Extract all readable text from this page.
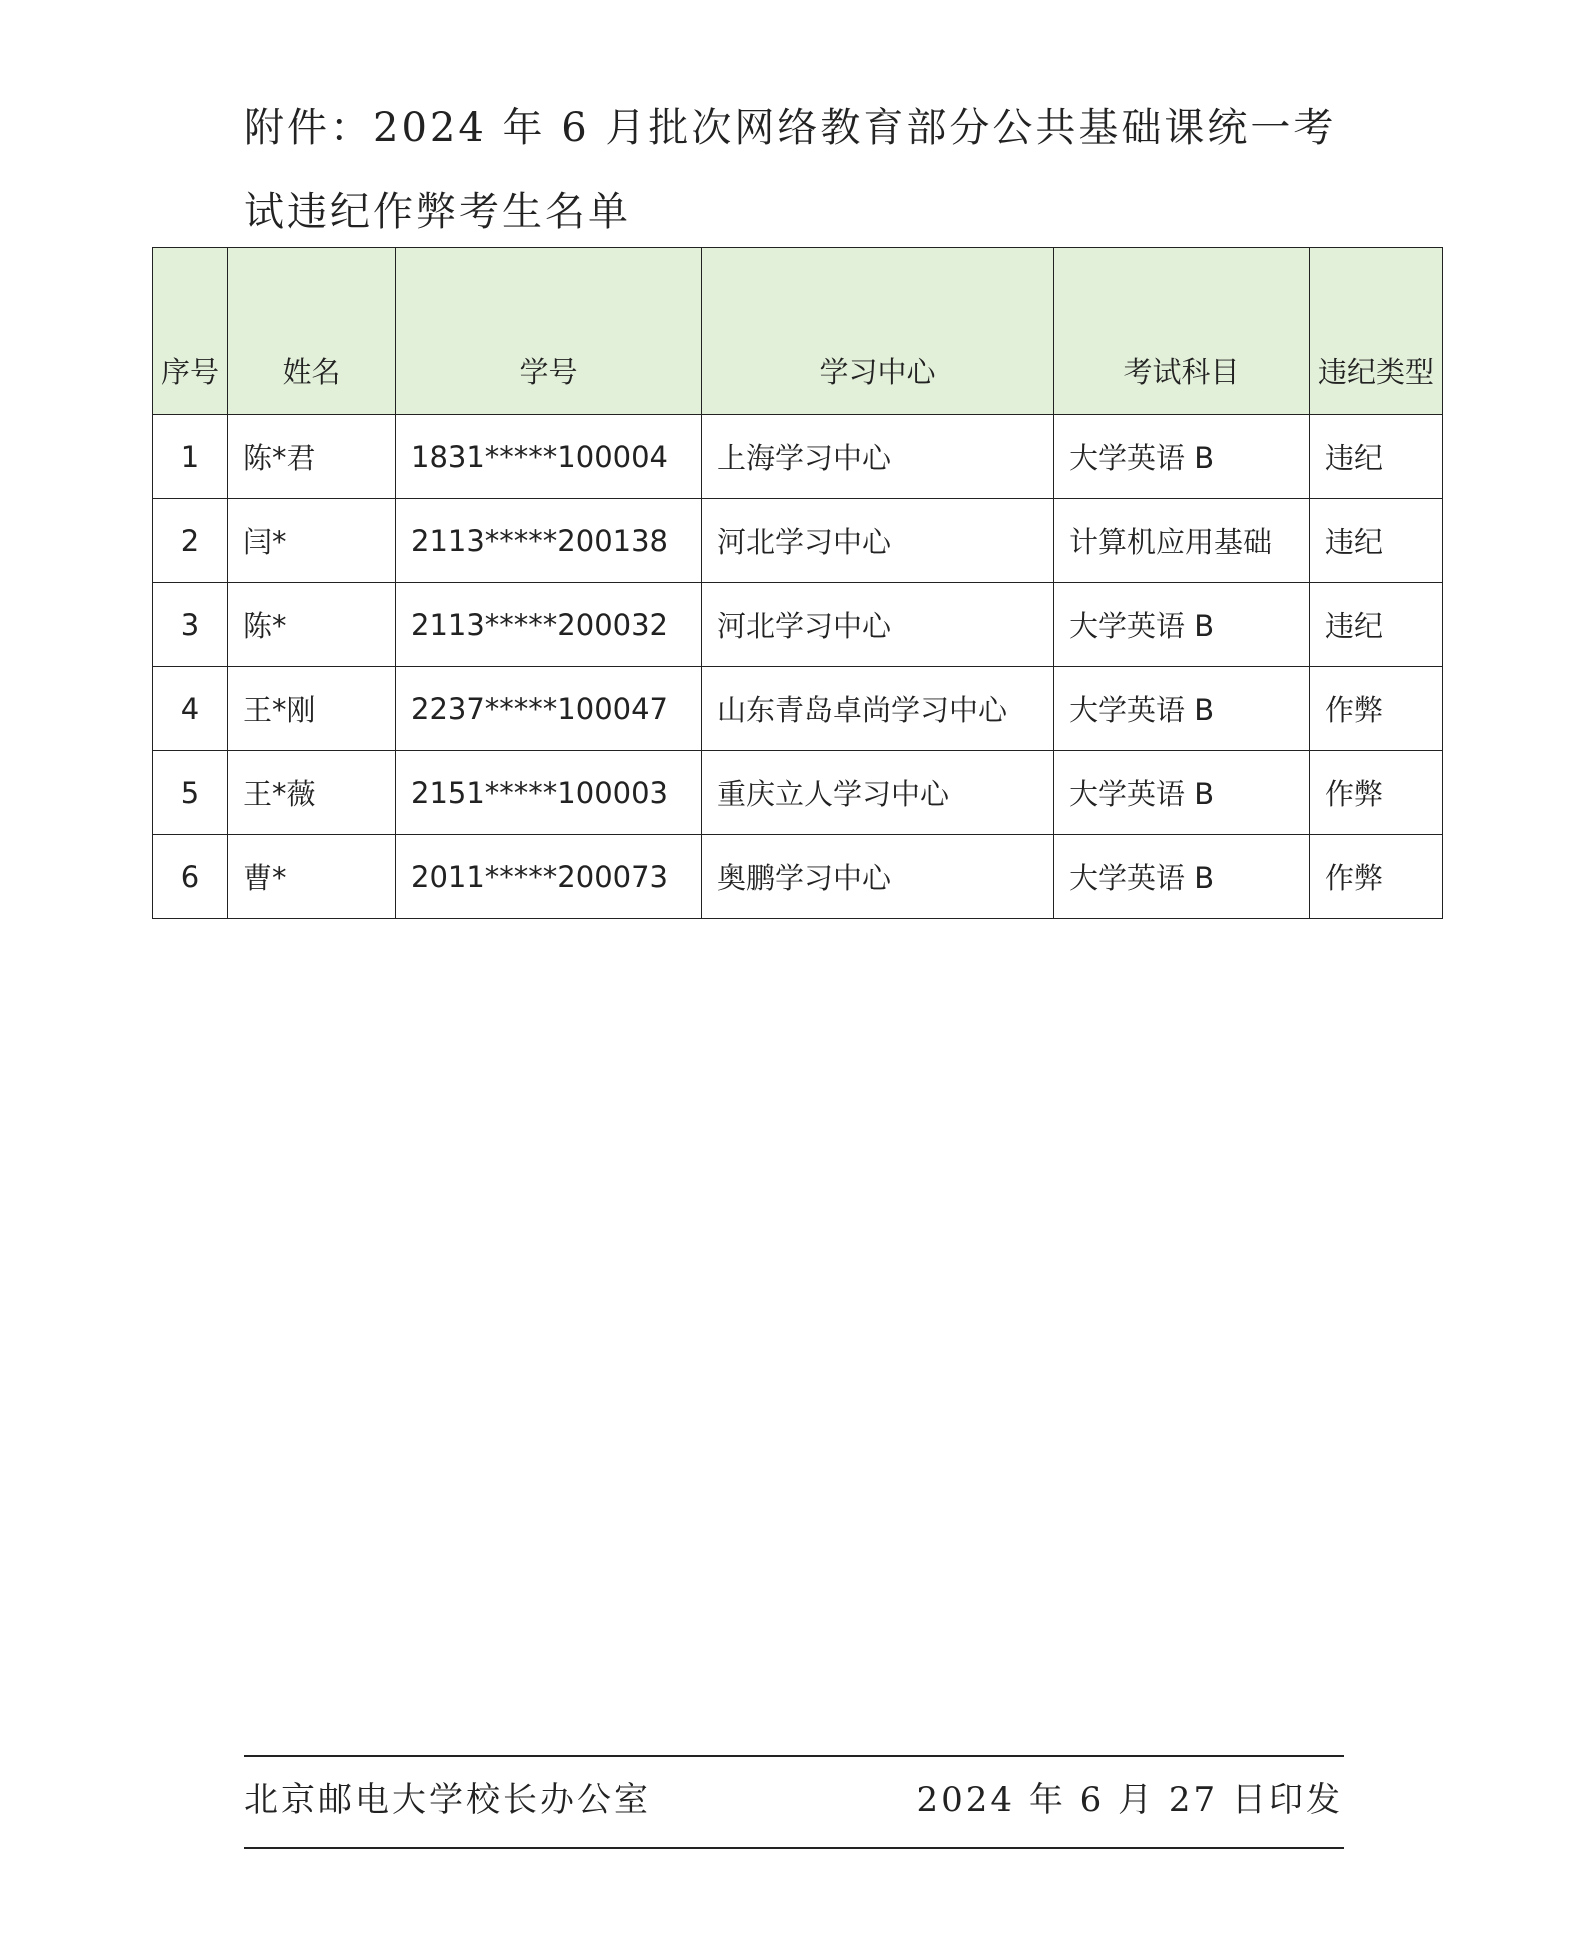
附件：2024 年 6 月批次网络教育部分公共基础课统一考试违纪作弊考生名单
序号	姓名	学号	学习中心	考试科目	违纪类型

1	陈*君	1831*****100004	上海学习中心	大学英语 B	违纪
2	闫*	2113*****200138	河北学习中心	计算机应用基础	违纪
3	陈*	2113*****200032	河北学习中心	大学英语 B	违纪
4	王*刚	2237*****100047	山东青岛卓尚学习中心	大学英语 B	作弊
5	王*薇	2151*****100003	重庆立人学习中心	大学英语 B	作弊
6	曹*	2011*****200073	奥鹏学习中心	大学英语 B	作弊
北京邮电大学校长办公室	2024 年 6 月 27 日印发
